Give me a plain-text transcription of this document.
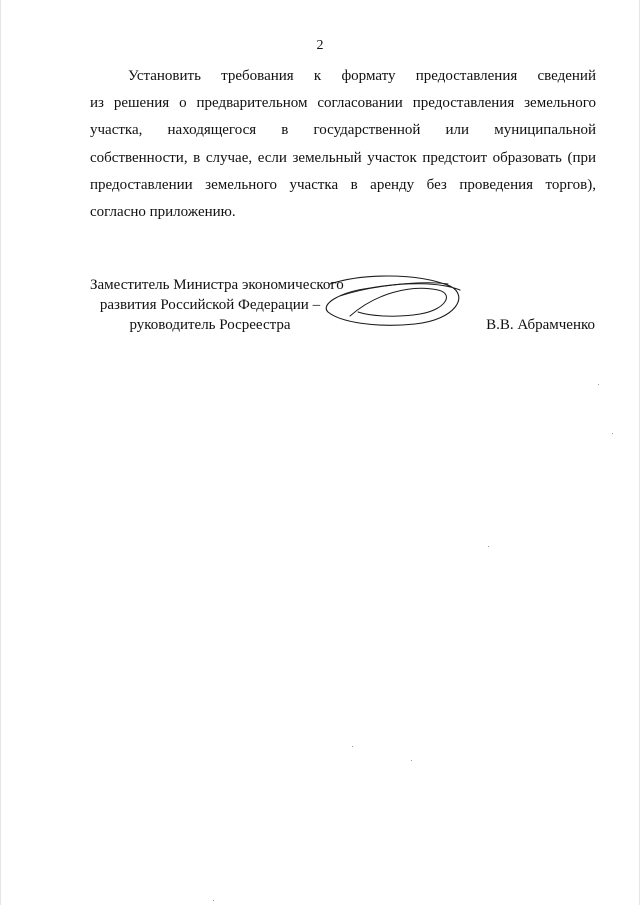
2
Установить требования к формату предоставления сведений
из решения о предварительном согласовании предоставления земельного
участка, находящегося в государственной или муниципальной
собственности, в случае, если земельный участок предстоит образовать (при
предоставлении земельного участка в аренду без проведения торгов),
согласно приложению.
Заместитель Министра экономического
развития Российской Федерации –
руководитель Росреестра	В.В. Абрамченко
